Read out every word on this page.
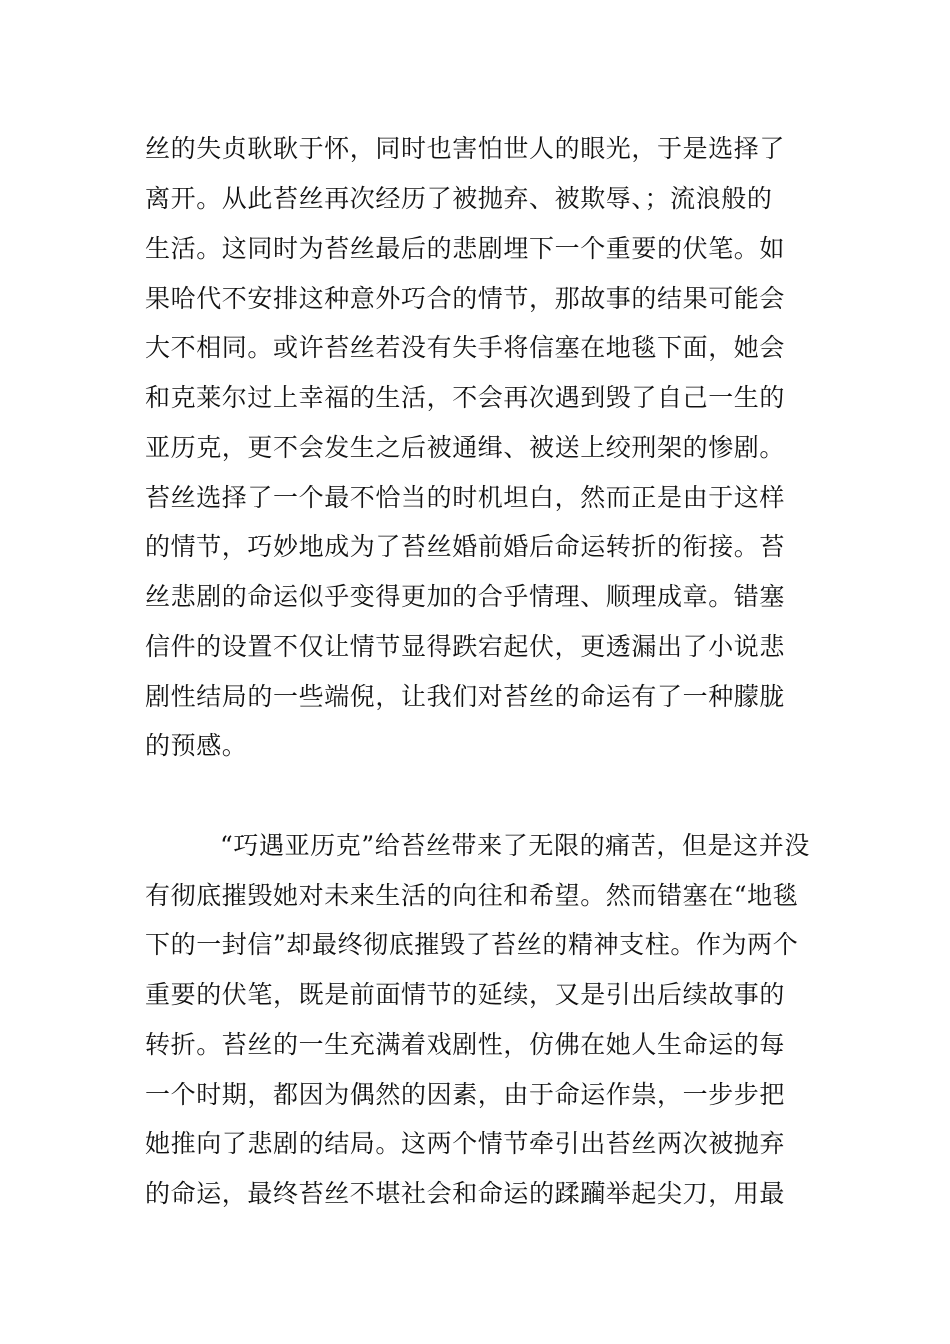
丝的失贞耿耿于怀，同时也害怕世人的眼光，于是选择了
离开。从此苔丝再次经历了被抛弃、被欺辱、；流浪般的
生活。这同时为苔丝最后的悲剧埋下一个重要的伏笔。如
果哈代不安排这种意外巧合的情节，那故事的结果可能会
大不相同。或许苔丝若没有失手将信塞在地毯下面，她会
和克莱尔过上幸福的生活，不会再次遇到毁了自己一生的
亚历克，更不会发生之后被通缉、被送上绞刑架的惨剧。
苔丝选择了一个最不恰当的时机坦白，然而正是由于这样
的情节，巧妙地成为了苔丝婚前婚后命运转折的衔接。苔
丝悲剧的命运似乎变得更加的合乎情理、顺理成章。错塞
信件的设置不仅让情节显得跌宕起伏，更透漏出了小说悲
剧性结局的一些端倪，让我们对苔丝的命运有了一种朦胧
的预感。
“巧遇亚历克”给苔丝带来了无限的痛苦，但是这并没
有彻底摧毁她对未来生活的向往和希望。然而错塞在“地毯
下的一封信”却最终彻底摧毁了苔丝的精神支柱。作为两个
重要的伏笔，既是前面情节的延续，又是引出后续故事的
转折。苔丝的一生充满着戏剧性，仿佛在她人生命运的每
一个时期，都因为偶然的因素，由于命运作祟，一步步把
她推向了悲剧的结局。这两个情节牵引出苔丝两次被抛弃
的命运，最终苔丝不堪社会和命运的蹂躏举起尖刀，用最
